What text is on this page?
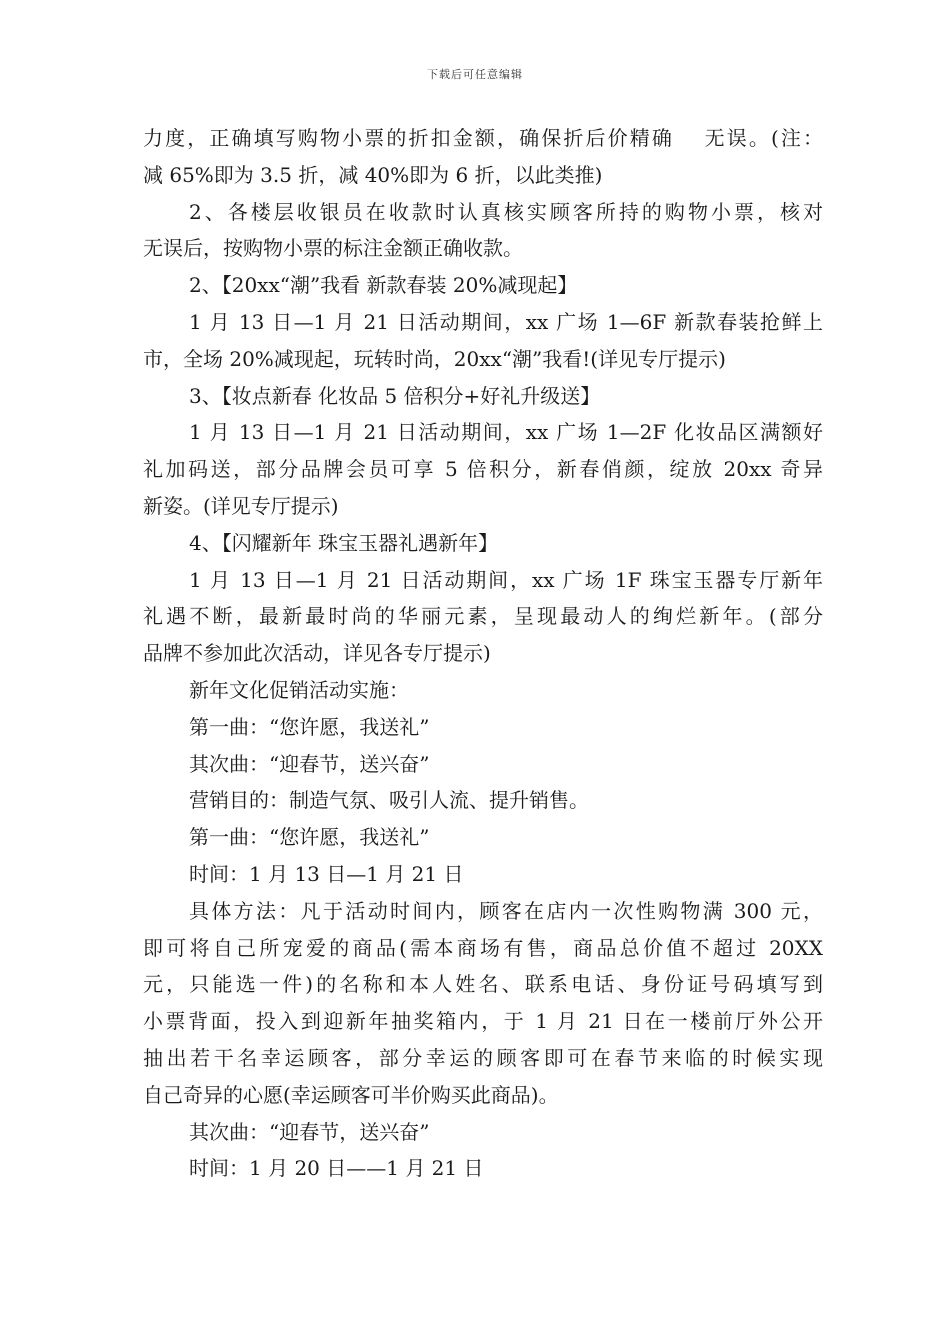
下载后可任意编辑
力度，正确填写购物小票的折扣金额，确保折后价精确　 无误。(注：
减 65%即为 3.5 折，减 40%即为 6 折，以此类推)
2、各楼层收银员在收款时认真核实顾客所持的购物小票，核对
无误后，按购物小票的标注金额正确收款。
2、【20xx“潮”我看 新款春装 20%减现起】
1 月 13 日—1 月 21 日活动期间，xx 广场 1—6F 新款春装抢鲜上
市，全场 20%减现起，玩转时尚，20xx“潮”我看!(详见专厅提示)
3、【妆点新春 化妆品 5 倍积分+好礼升级送】
1 月 13 日—1 月 21 日活动期间，xx 广场 1—2F 化妆品区满额好
礼加码送，部分品牌会员可享 5 倍积分，新春俏颜，绽放 20xx 奇异
新姿。(详见专厅提示)
4、【闪耀新年 珠宝玉器礼遇新年】
1 月 13 日—1 月 21 日活动期间，xx 广场 1F 珠宝玉器专厅新年
礼遇不断，最新最时尚的华丽元素，呈现最动人的绚烂新年。(部分
品牌不参加此次活动，详见各专厅提示)
新年文化促销活动实施：
第一曲：“您许愿，我送礼”
其次曲：“迎春节，送兴奋”
营销目的：制造气氛、吸引人流、提升销售。
第一曲：“您许愿，我送礼”
时间：1 月 13 日—1 月 21 日
具体方法：凡于活动时间内，顾客在店内一次性购物满 300 元，
即可将自己所宠爱的商品(需本商场有售，商品总价值不超过 20XX
元，只能选一件)的名称和本人姓名、联系电话、身份证号码填写到
小票背面，投入到迎新年抽奖箱内，于 1 月 21 日在一楼前厅外公开
抽出若干名幸运顾客，部分幸运的顾客即可在春节来临的时候实现
自己奇异的心愿(幸运顾客可半价购买此商品)。
其次曲：“迎春节，送兴奋”
时间：1 月 20 日——1 月 21 日
